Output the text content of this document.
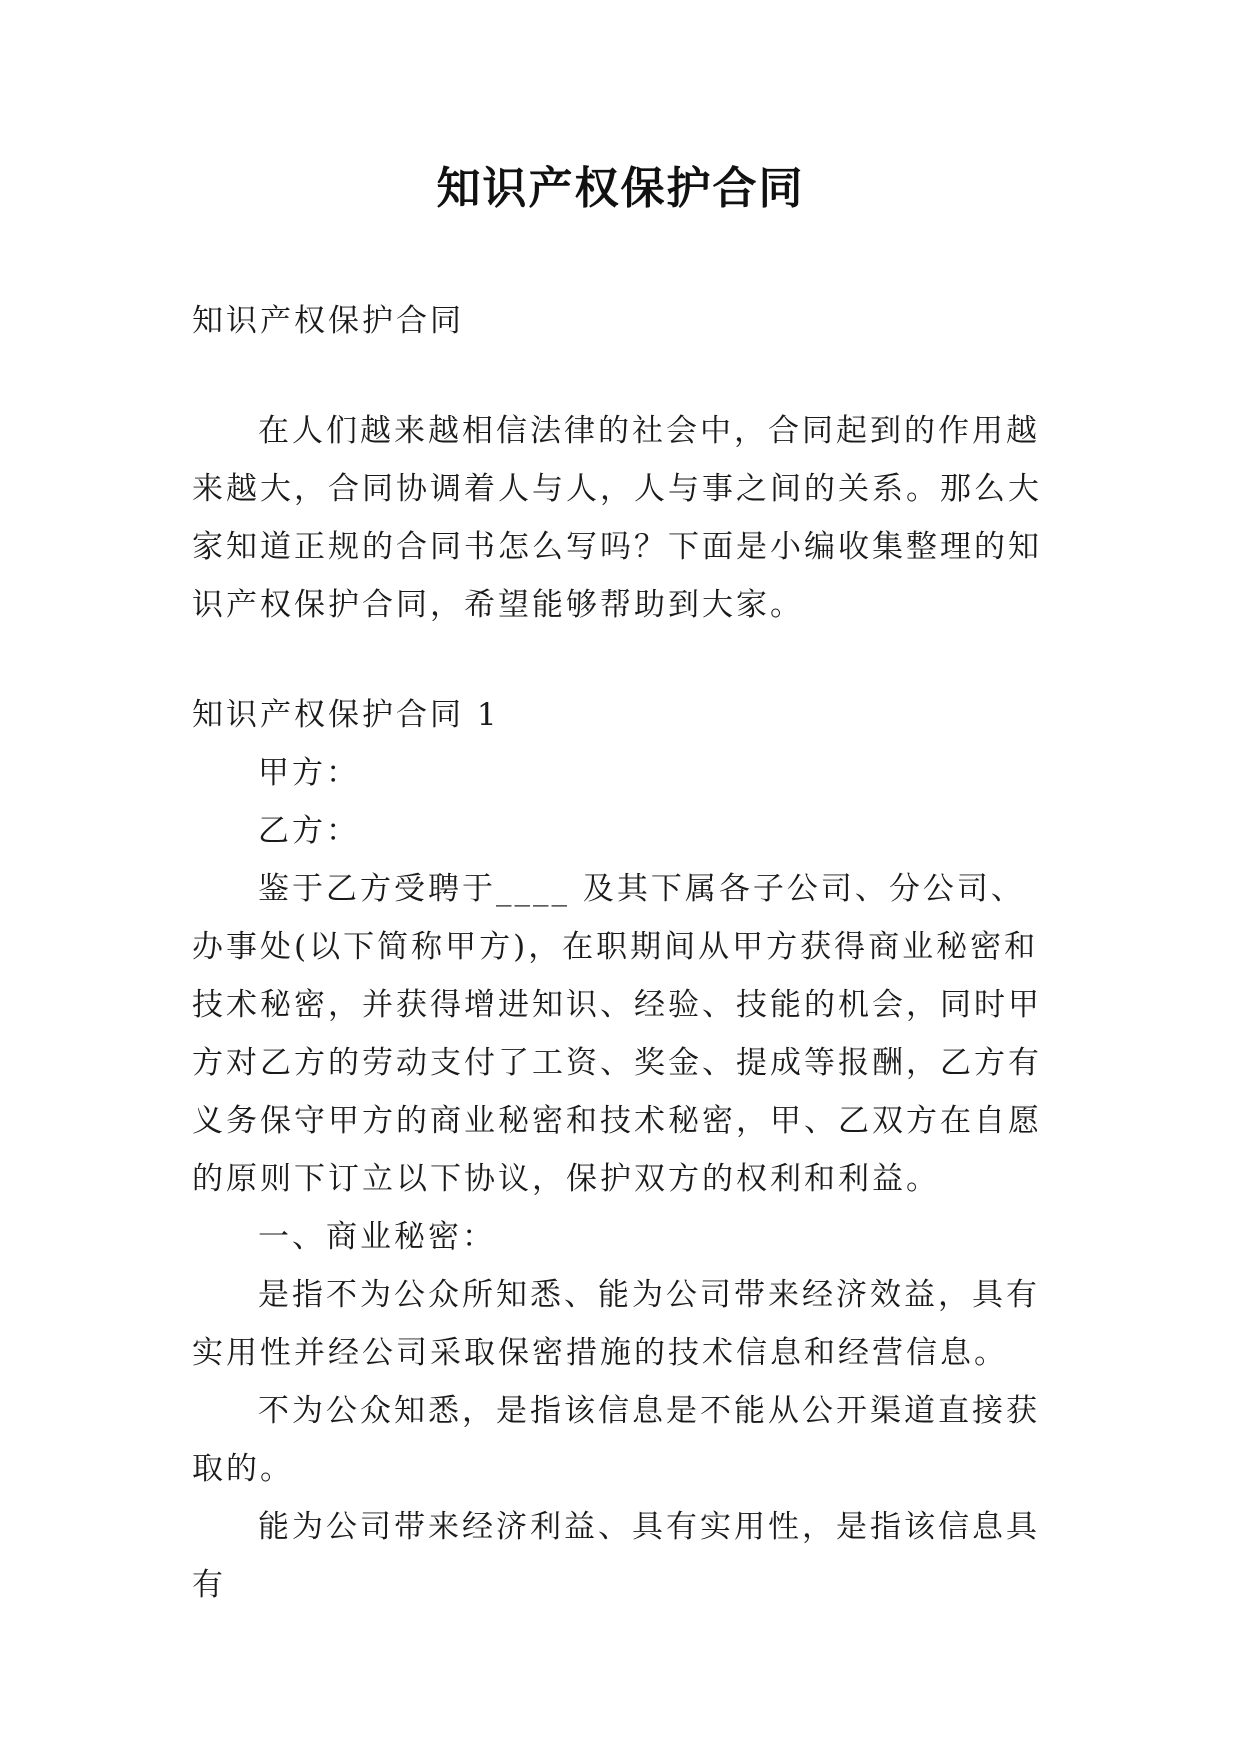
知识产权保护合同

知识产权保护合同

在人们越来越相信法律的社会中，合同起到的作用越来越大，合同协调着人与人，人与事之间的关系。那么大家知道正规的合同书怎么写吗？下面是小编收集整理的知识产权保护合同，希望能够帮助到大家。

知识产权保护合同 1

甲方：

乙方：

鉴于乙方受聘于____ 及其下属各子公司、分公司、办事处(以下简称甲方)，在职期间从甲方获得商业秘密和技术秘密，并获得增进知识、经验、技能的机会，同时甲方对乙方的劳动支付了工资、奖金、提成等报酬，乙方有义务保守甲方的商业秘密和技术秘密，甲、乙双方在自愿的原则下订立以下协议，保护双方的权利和利益。

一、商业秘密：

是指不为公众所知悉、能为公司带来经济效益，具有实用性并经公司采取保密措施的技术信息和经营信息。

不为公众知悉，是指该信息是不能从公开渠道直接获取的。

能为公司带来经济利益、具有实用性，是指该信息具有
